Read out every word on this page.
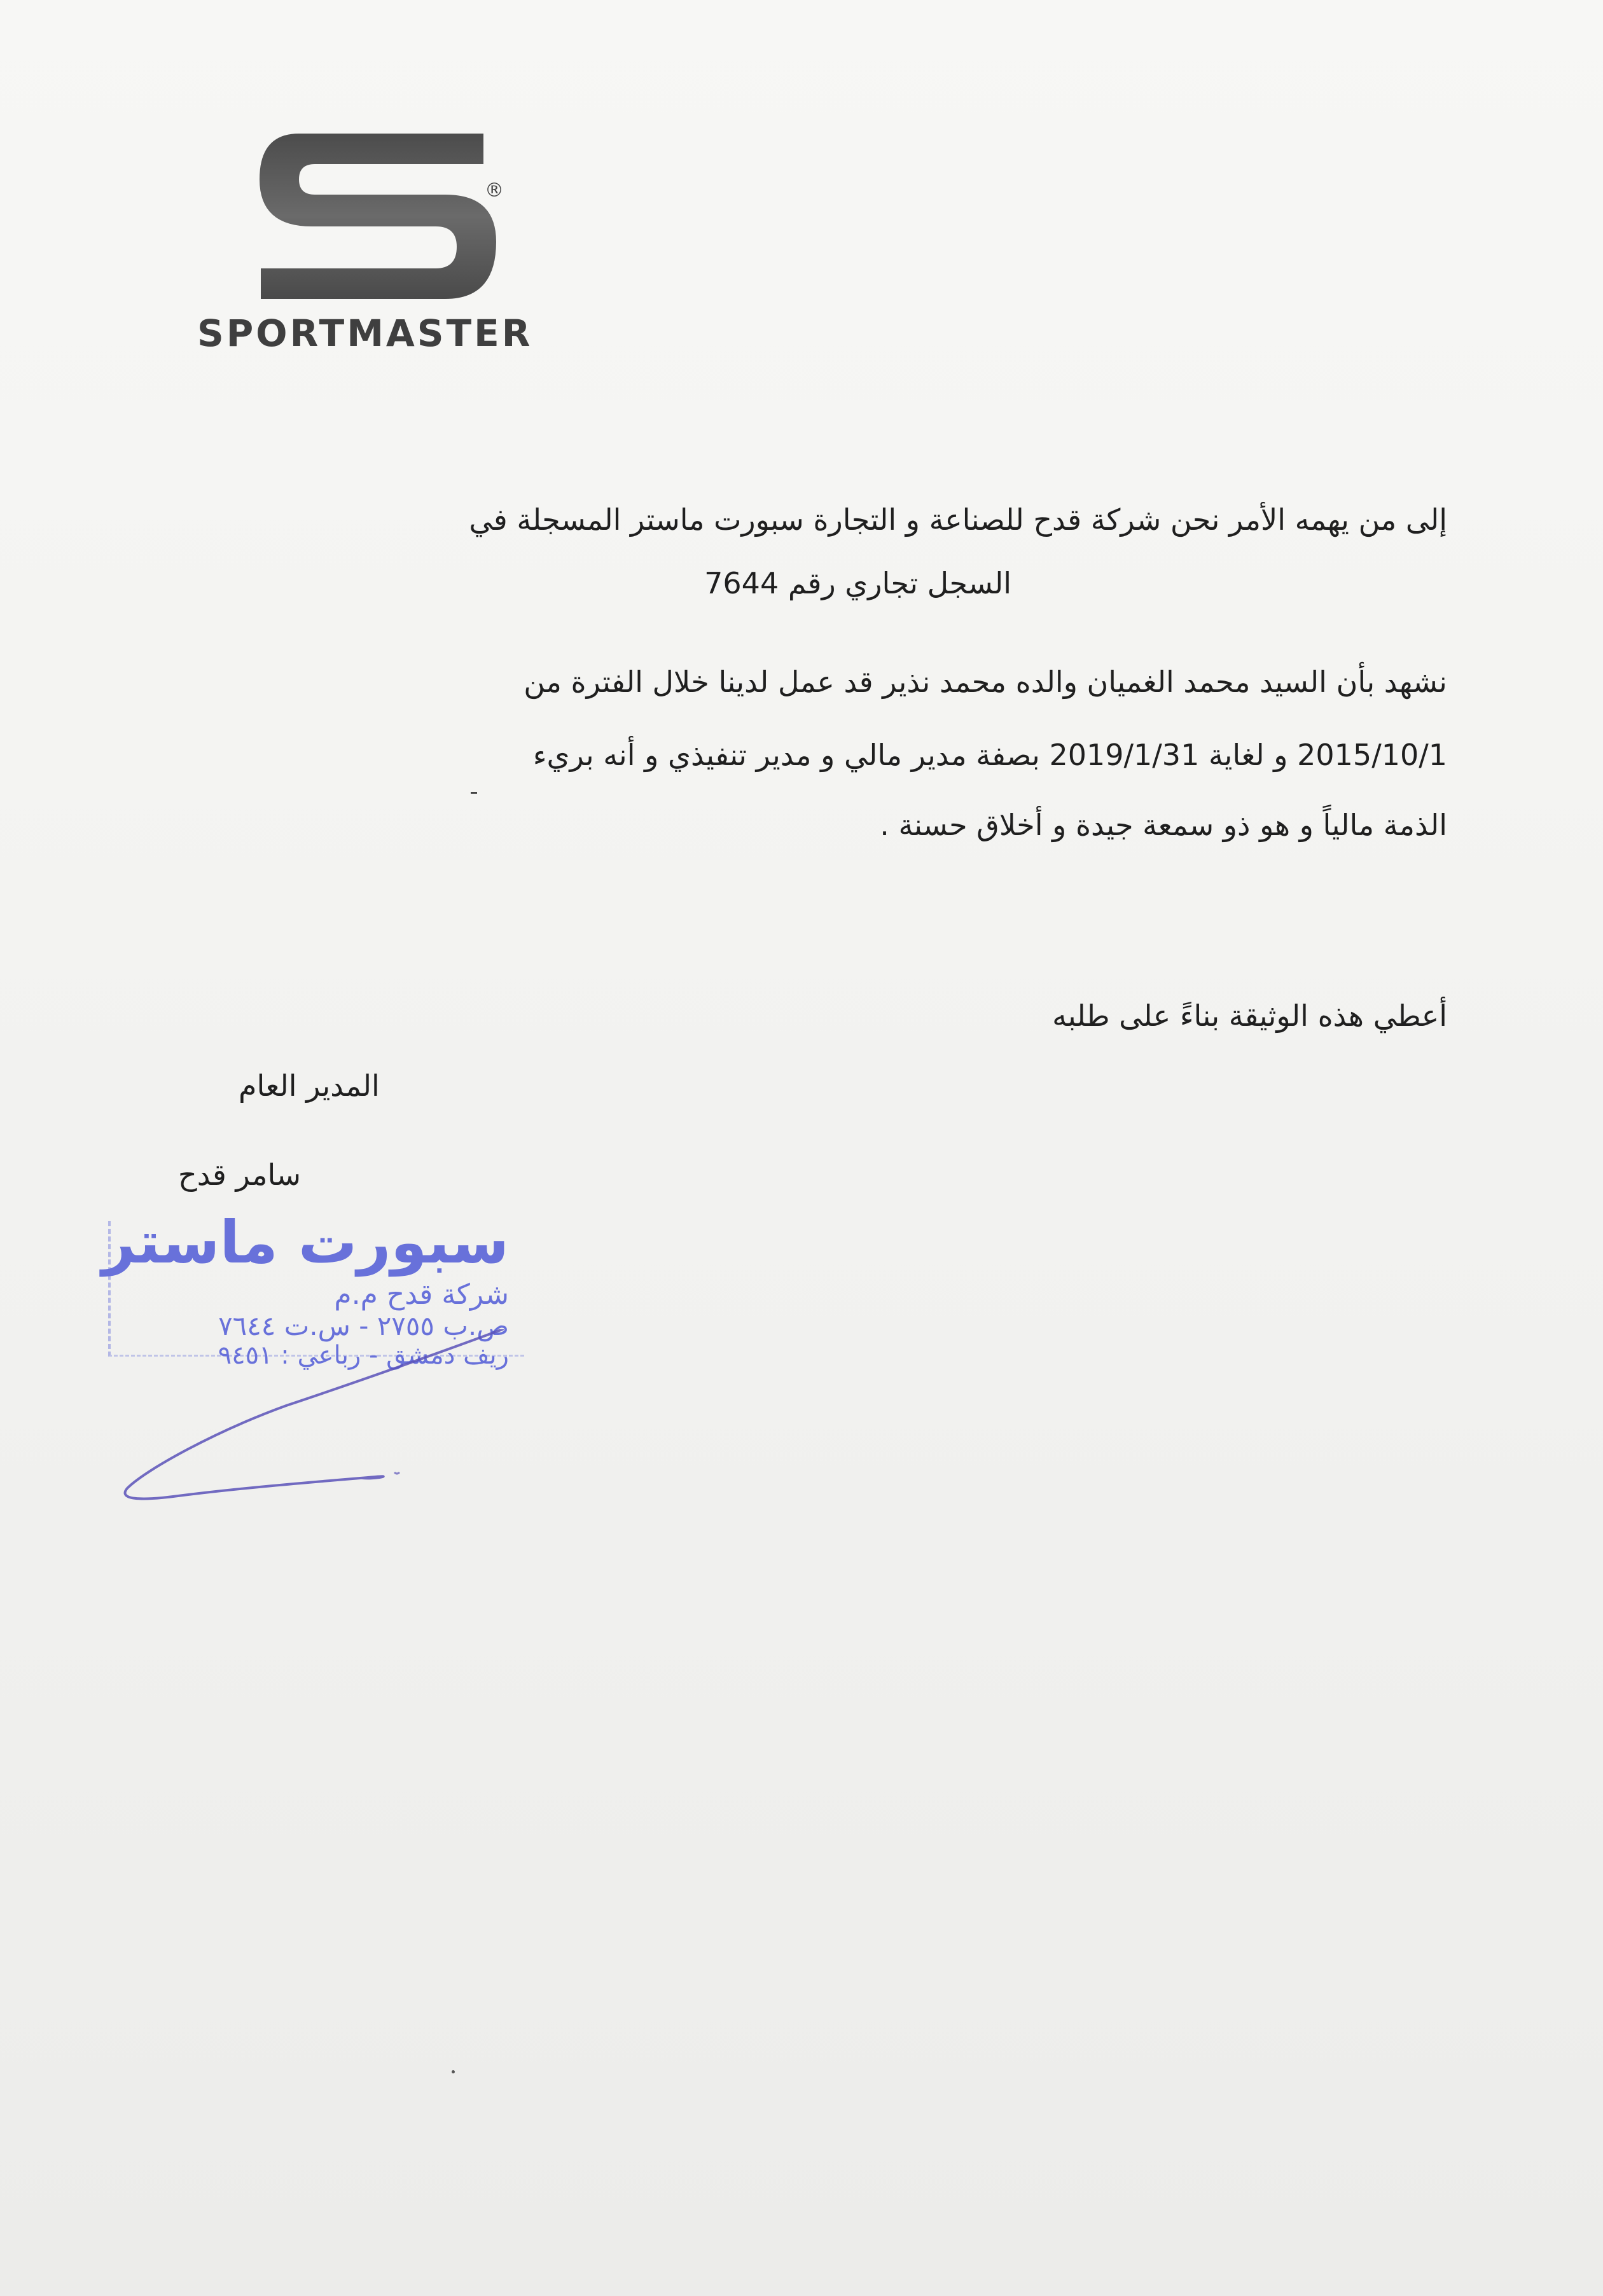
®
SPORTMASTER
إلى من يهمه الأمر نحن شركة قدح للصناعة و التجارة سبورت ماستر المسجلة في
السجل تجاري رقم 7644
نشهد بأن السيد محمد الغميان والده محمد نذير قد عمل لدينا خلال الفترة من
2015/10/1 و لغاية 2019/1/31 بصفة مدير مالي و مدير تنفيذي و أنه بريء
الذمة مالياً و هو ذو سمعة جيدة و أخلاق حسنة .
أعطي هذه الوثيقة بناءً على طلبه
المدير العام
سامر قدح
سبورت ماستر
شركة قدح م.م
ص.ب ٢٧٥٥ - س.ت ٧٦٤٤
ريف دمشق - رباعي : ٩٤٥١
